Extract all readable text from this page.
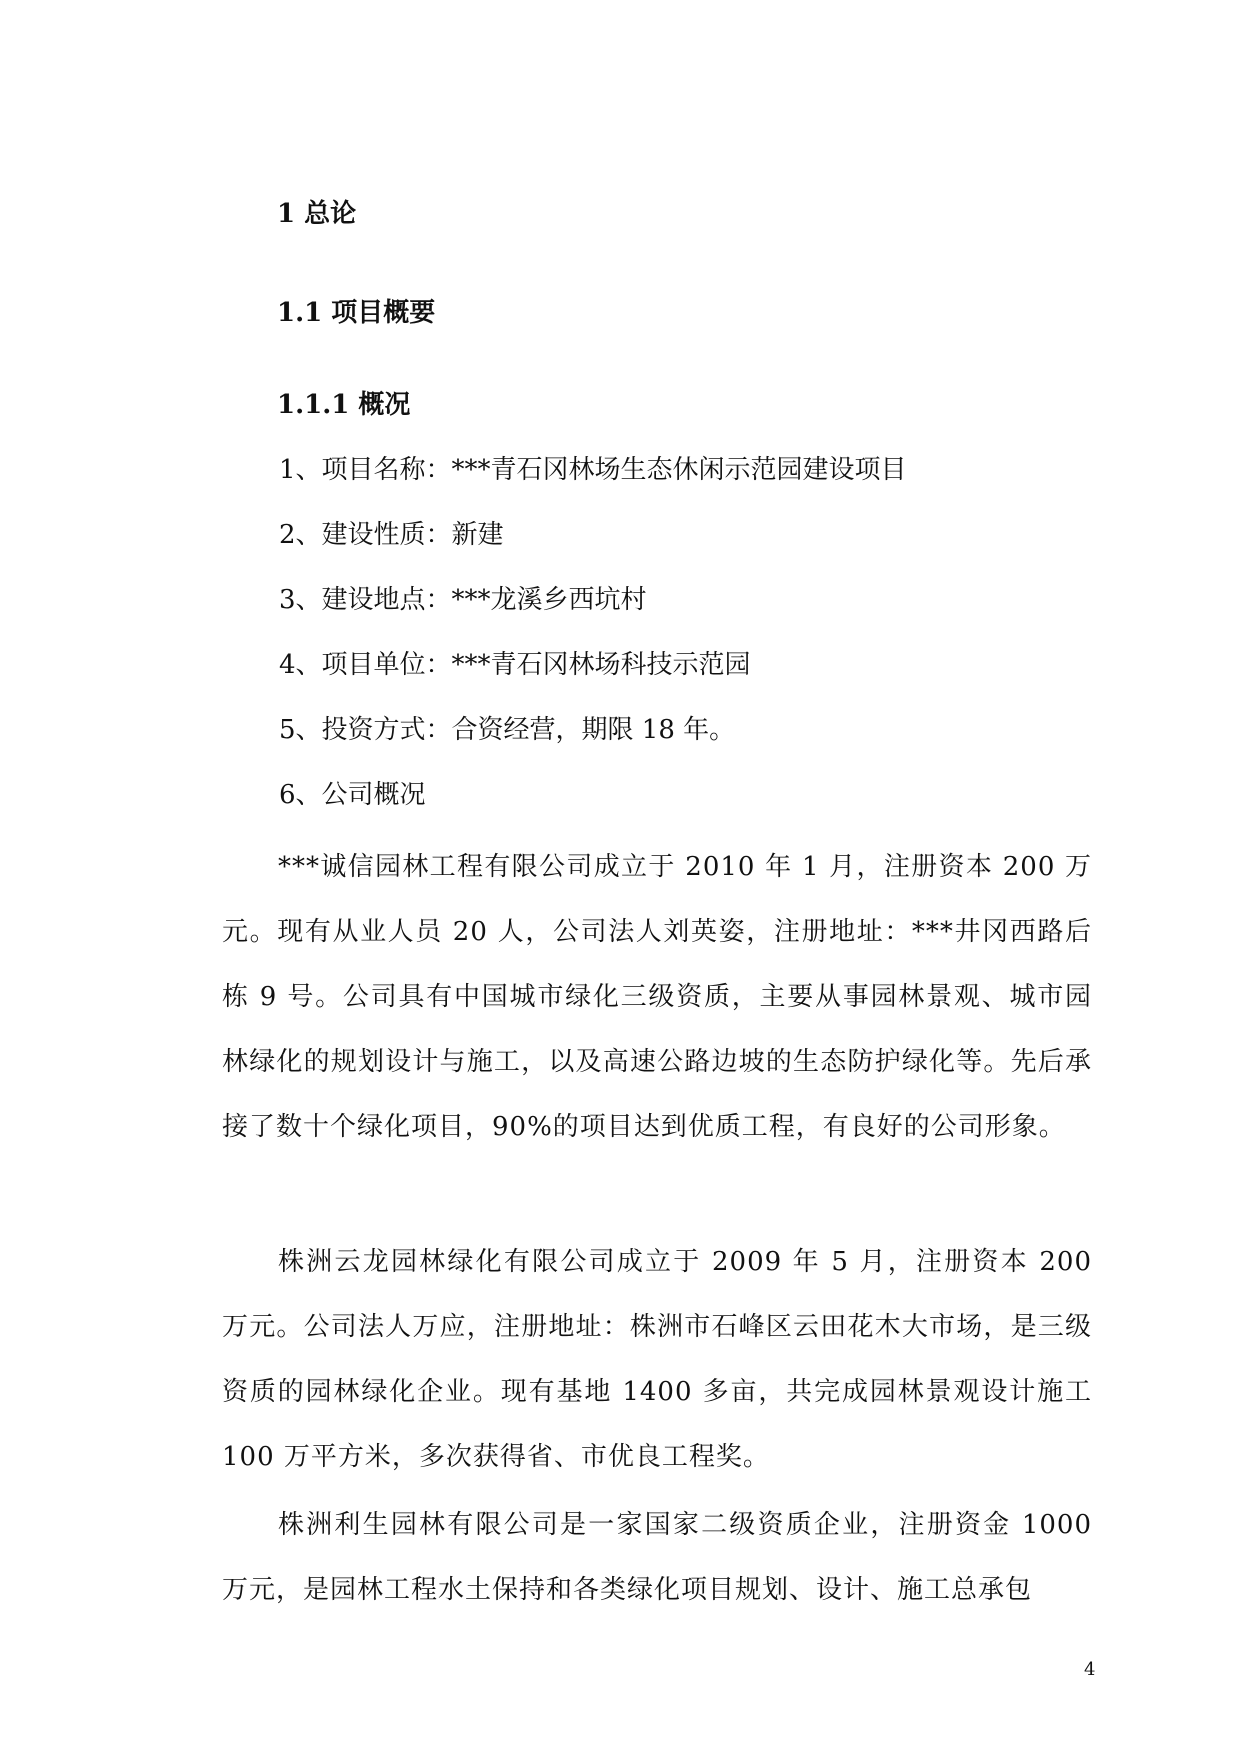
1 总论
1.1 项目概要
1.1.1 概况
1、项目名称：***青石冈林场生态休闲示范园建设项目
2、建设性质：新建
3、建设地点：***龙溪乡西坑村
4、项目单位：***青石冈林场科技示范园
5、投资方式：合资经营，期限 18 年。
6、公司概况

***诚信园林工程有限公司成立于 2010 年 1 月，注册资本 200 万元。现有从业人员 20 人，公司法人刘英姿，注册地址：***井冈西路后栋 9 号。公司具有中国城市绿化三级资质，主要从事园林景观、城市园林绿化的规划设计与施工，以及高速公路边坡的生态防护绿化等。先后承接了数十个绿化项目，90%的项目达到优质工程，有良好的公司形象。

株洲云龙园林绿化有限公司成立于 2009 年 5 月，注册资本 200 万元。公司法人万应，注册地址：株洲市石峰区云田花木大市场，是三级资质的园林绿化企业。现有基地 1400 多亩，共完成园林景观设计施工 100 万平方米，多次获得省、市优良工程奖。

株洲利生园林有限公司是一家国家二级资质企业，注册资金 1000 万元，是园林工程水土保持和各类绿化项目规划、设计、施工总承包

4
